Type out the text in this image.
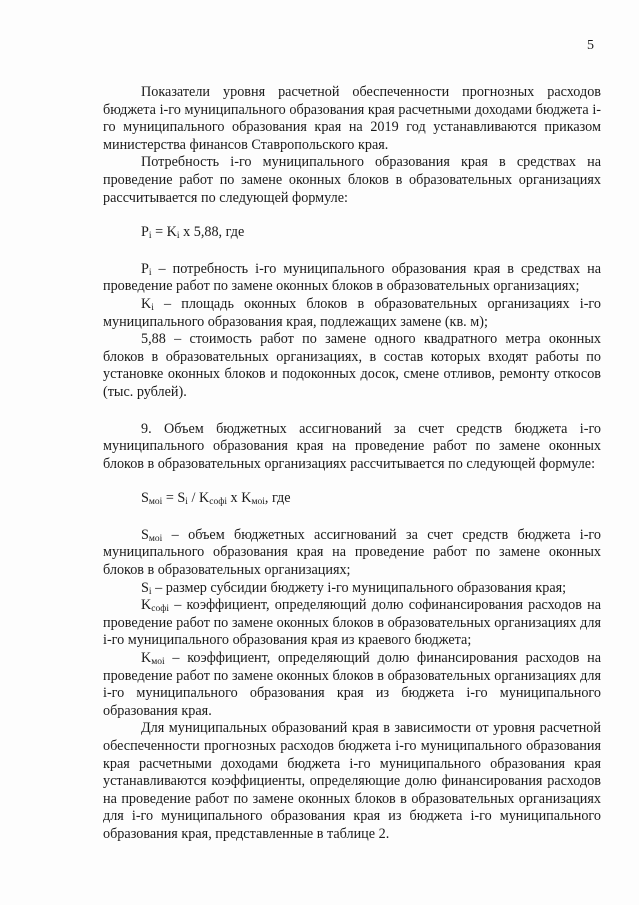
5

Показатели уровня расчетной обеспеченности прогнозных расходов бюджета i-го муниципального образования края расчетными доходами бюджета i-го муниципального образования края на 2019 год устанавливаются приказом министерства финансов Ставропольского края.

Потребность i-го муниципального образования края в средствах на проведение работ по замене оконных блоков в образовательных организациях рассчитывается по следующей формуле:

$P_i = K_i$ х 5,88, где

$P_i$ – потребность i-го муниципального образования края в средствах на проведение работ по замене оконных блоков в образовательных организациях;

$K_i$ – площадь оконных блоков в образовательных организациях i-го муниципального образования края, подлежащих замене (кв. м);

5,88 – стоимость работ по замене одного квадратного метра оконных блоков в образовательных организациях, в состав которых входят работы по установке оконных блоков и подоконных досок, смене отливов, ремонту откосов (тыс. рублей).

9. Объем бюджетных ассигнований за счет средств бюджета i-го муниципального образования края на проведение работ по замене оконных блоков в образовательных организациях рассчитывается по следующей формуле:

$S_{моi} = S_i / K_{софi}$ х $K_{моi}$, где

$S_{моi}$ – объем бюджетных ассигнований за счет средств бюджета i-го муниципального образования края на проведение работ по замене оконных блоков в образовательных организациях;

$S_i$ – размер субсидии бюджету i-го муниципального образования края;

$K_{софi}$ – коэффициент, определяющий долю софинансирования расходов на проведение работ по замене оконных блоков в образовательных организациях для i-го муниципального образования края из краевого бюджета;

$K_{моi}$ – коэффициент, определяющий долю финансирования расходов на проведение работ по замене оконных блоков в образовательных организациях для i-го муниципального образования края из бюджета i-го муниципального образования края.

Для муниципальных образований края в зависимости от уровня расчетной обеспеченности прогнозных расходов бюджета i-го муниципального образования края расчетными доходами бюджета i-го муниципального образования края устанавливаются коэффициенты, определяющие долю финансирования расходов на проведение работ по замене оконных блоков в образовательных организациях для i-го муниципального образования края из бюджета i-го муниципального образования края, представленные в таблице 2.
